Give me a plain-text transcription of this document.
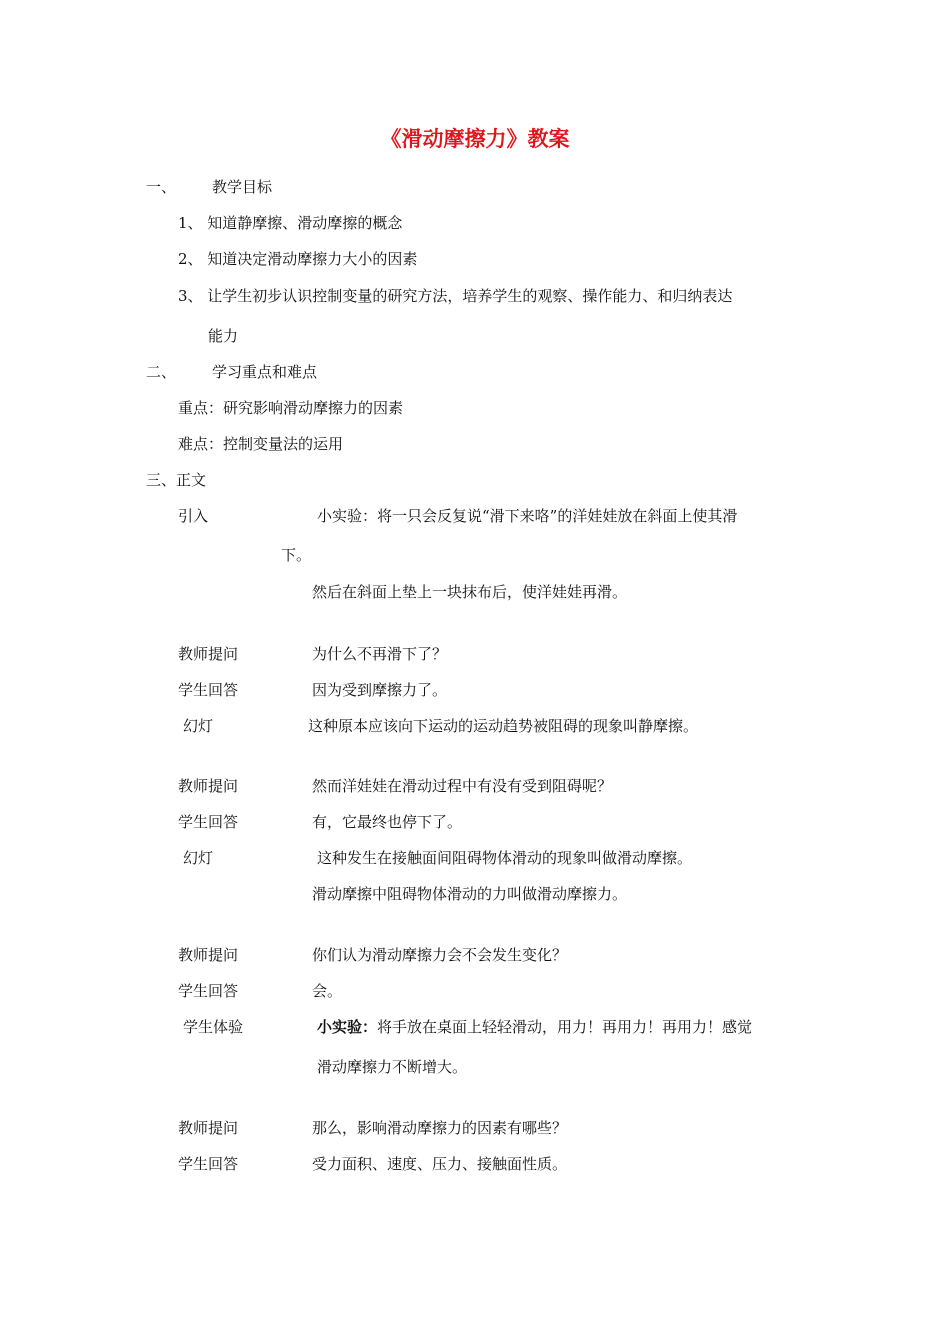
《滑动摩擦力》教案
一、 教学目标
1、 知道静摩擦、滑动摩擦的概念
2、 知道决定滑动摩擦力大小的因素
3、 让学生初步认识控制变量的研究方法，培养学生的观察、操作能力、和归纳表达
能力
二、 学习重点和难点
重点：研究影响滑动摩擦力的因素
难点：控制变量法的运用
三、正文
引入	小实验：将一只会反复说“滑下来咯”的洋娃娃放在斜面上使其滑
下。
然后在斜面上垫上一块抹布后，使洋娃娃再滑。
教师提问	为什么不再滑下了？
学生回答	因为受到摩擦力了。
幻灯	这种原本应该向下运动的运动趋势被阻碍的现象叫静摩擦。
教师提问	然而洋娃娃在滑动过程中有没有受到阻碍呢？
学生回答	有，它最终也停下了。
幻灯	这种发生在接触面间阻碍物体滑动的现象叫做滑动摩擦。
滑动摩擦中阻碍物体滑动的力叫做滑动摩擦力。
教师提问	你们认为滑动摩擦力会不会发生变化？
学生回答	会。
学生体验	小实验：将手放在桌面上轻轻滑动，用力！再用力！再用力！感觉
滑动摩擦力不断增大。
教师提问	那么，影响滑动摩擦力的因素有哪些？
学生回答	受力面积、速度、压力、接触面性质。
